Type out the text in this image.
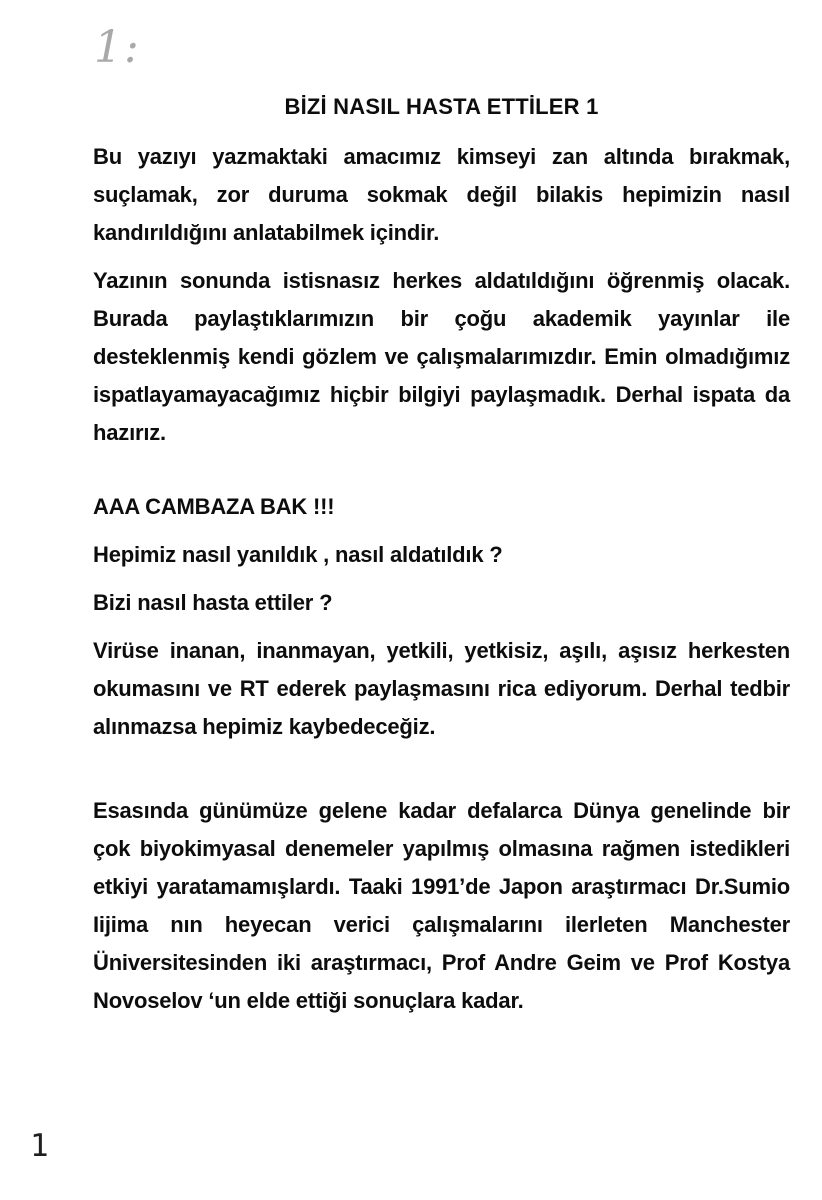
1:
BİZİ NASIL HASTA ETTİLER 1

Bu yazıyı yazmaktaki amacımız kimseyi zan altında bırakmak, suçlamak, zor duruma sokmak değil bilakis hepimizin nasıl kandırıldığını anlatabilmek içindir.

Yazının sonunda istisnasız herkes aldatıldığını öğrenmiş olacak. Burada paylaştıklarımızın bir çoğu akademik yayınlar ile desteklenmiş kendi gözlem ve çalışmalarımızdır. Emin olmadığımız ispatlayamayacağımız hiçbir bilgiyi paylaşmadık. Derhal ispata da hazırız.

AAA CAMBAZA BAK !!!

Hepimiz nasıl yanıldık , nasıl aldatıldık ?

Bizi nasıl hasta ettiler ?

Virüse inanan, inanmayan, yetkili, yetkisiz, aşılı, aşısız herkesten okumasını ve RT ederek paylaşmasını rica ediyorum. Derhal tedbir alınmazsa hepimiz kaybedeceğiz.

Esasında günümüze gelene kadar defalarca Dünya genelinde bir çok biyokimyasal denemeler yapılmış olmasına rağmen istedikleri etkiyi yaratamamışlardı. Taaki 1991’de Japon araştırmacı Dr.Sumio Iijima nın heyecan verici çalışmalarını ilerleten Manchester Üniversitesinden iki araştırmacı, Prof Andre Geim ve Prof Kostya Novoselov ‘un elde ettiği sonuçlara kadar.

1
